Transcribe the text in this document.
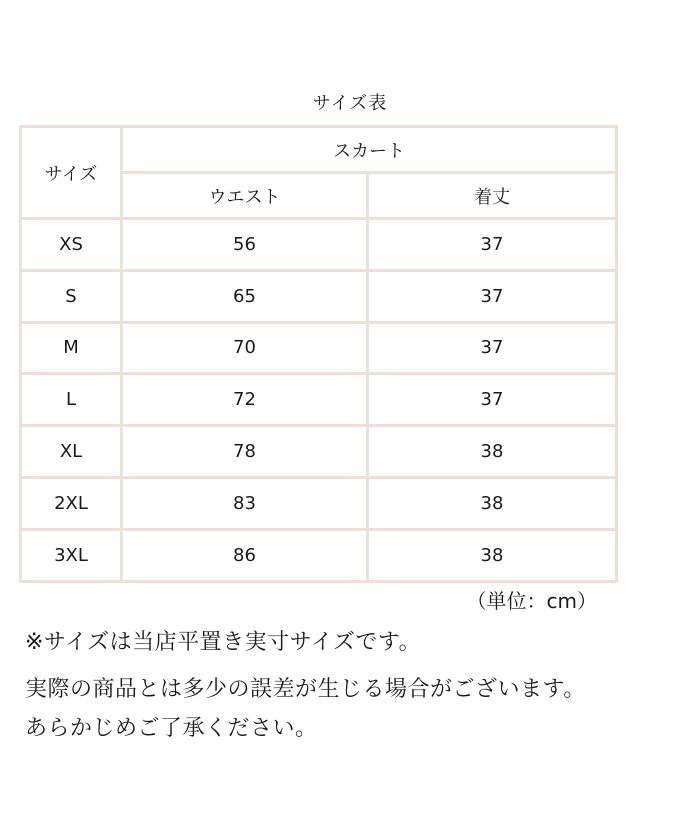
サイズ表
サイズ	スカート	
	ウエスト	着丈
XS	56	37
S	65	37
M	70	37
L	72	37
XL	78	38
2XL	83	38
3XL	86	38
（単位：cm）
※サイズは当店平置き実寸サイズです。
実際の商品とは多少の誤差が生じる場合がございます。
あらかじめご了承ください。
